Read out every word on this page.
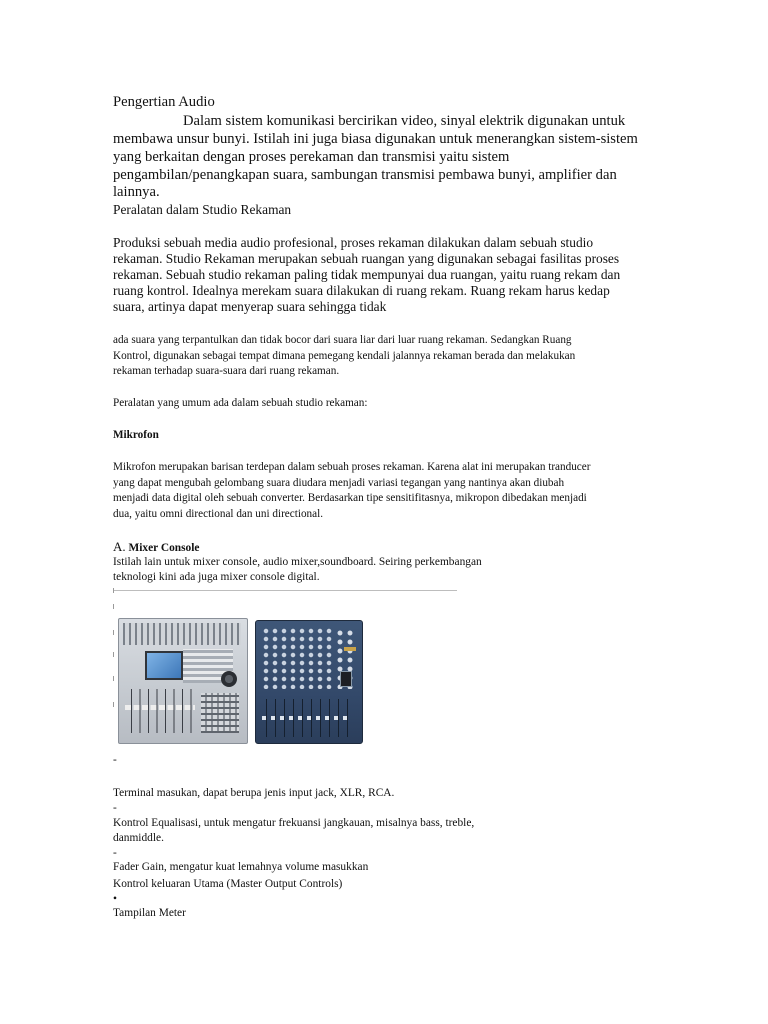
Pengertian Audio
Dalam sistem komunikasi bercirikan video, sinyal elektrik digunakan untuk
membawa unsur bunyi. Istilah ini juga biasa digunakan untuk menerangkan sistem-sistem
yang berkaitan dengan proses perekaman dan transmisi yaitu sistem
pengambilan/penangkapan suara, sambungan transmisi pembawa bunyi, amplifier dan
lainnya.
Peralatan dalam Studio Rekaman
Produksi sebuah media audio profesional, proses rekaman dilakukan dalam sebuah studio
rekaman. Studio Rekaman merupakan sebuah ruangan yang digunakan sebagai fasilitas proses
rekaman. Sebuah studio rekaman paling tidak mempunyai dua ruangan, yaitu ruang rekam dan
ruang kontrol. Idealnya merekam suara dilakukan di ruang rekam. Ruang rekam harus kedap
suara, artinya dapat menyerap suara sehingga tidak
ada suara yang terpantulkan dan tidak bocor dari suara liar dari luar ruang rekaman. Sedangkan Ruang
Kontrol, digunakan sebagai tempat dimana pemegang kendali jalannya rekaman berada dan melakukan
rekaman terhadap suara-suara dari ruang rekaman.
Peralatan yang umum ada dalam sebuah studio rekaman:
Mikrofon
Mikrofon merupakan barisan terdepan dalam sebuah proses rekaman. Karena alat ini merupakan tranducer
yang dapat mengubah gelombang suara diudara menjadi variasi tegangan yang nantinya akan diubah
menjadi data digital oleh sebuah converter. Berdasarkan tipe sensitifitasnya, mikropon dibedakan menjadi
dua, yaitu omni directional dan uni directional.
A. Mixer Console
Istilah lain untuk mixer console, audio mixer,soundboard. Seiring perkembangan
teknologi kini ada juga mixer console digital.
-
Terminal masukan, dapat berupa jenis input jack, XLR, RCA.
-
Kontrol Equalisasi, untuk mengatur frekuansi jangkauan, misalnya bass, treble,
danmiddle.
-
Fader Gain, mengatur kuat lemahnya volume masukkan
Kontrol keluaran Utama (Master Output Controls)
•
Tampilan Meter
